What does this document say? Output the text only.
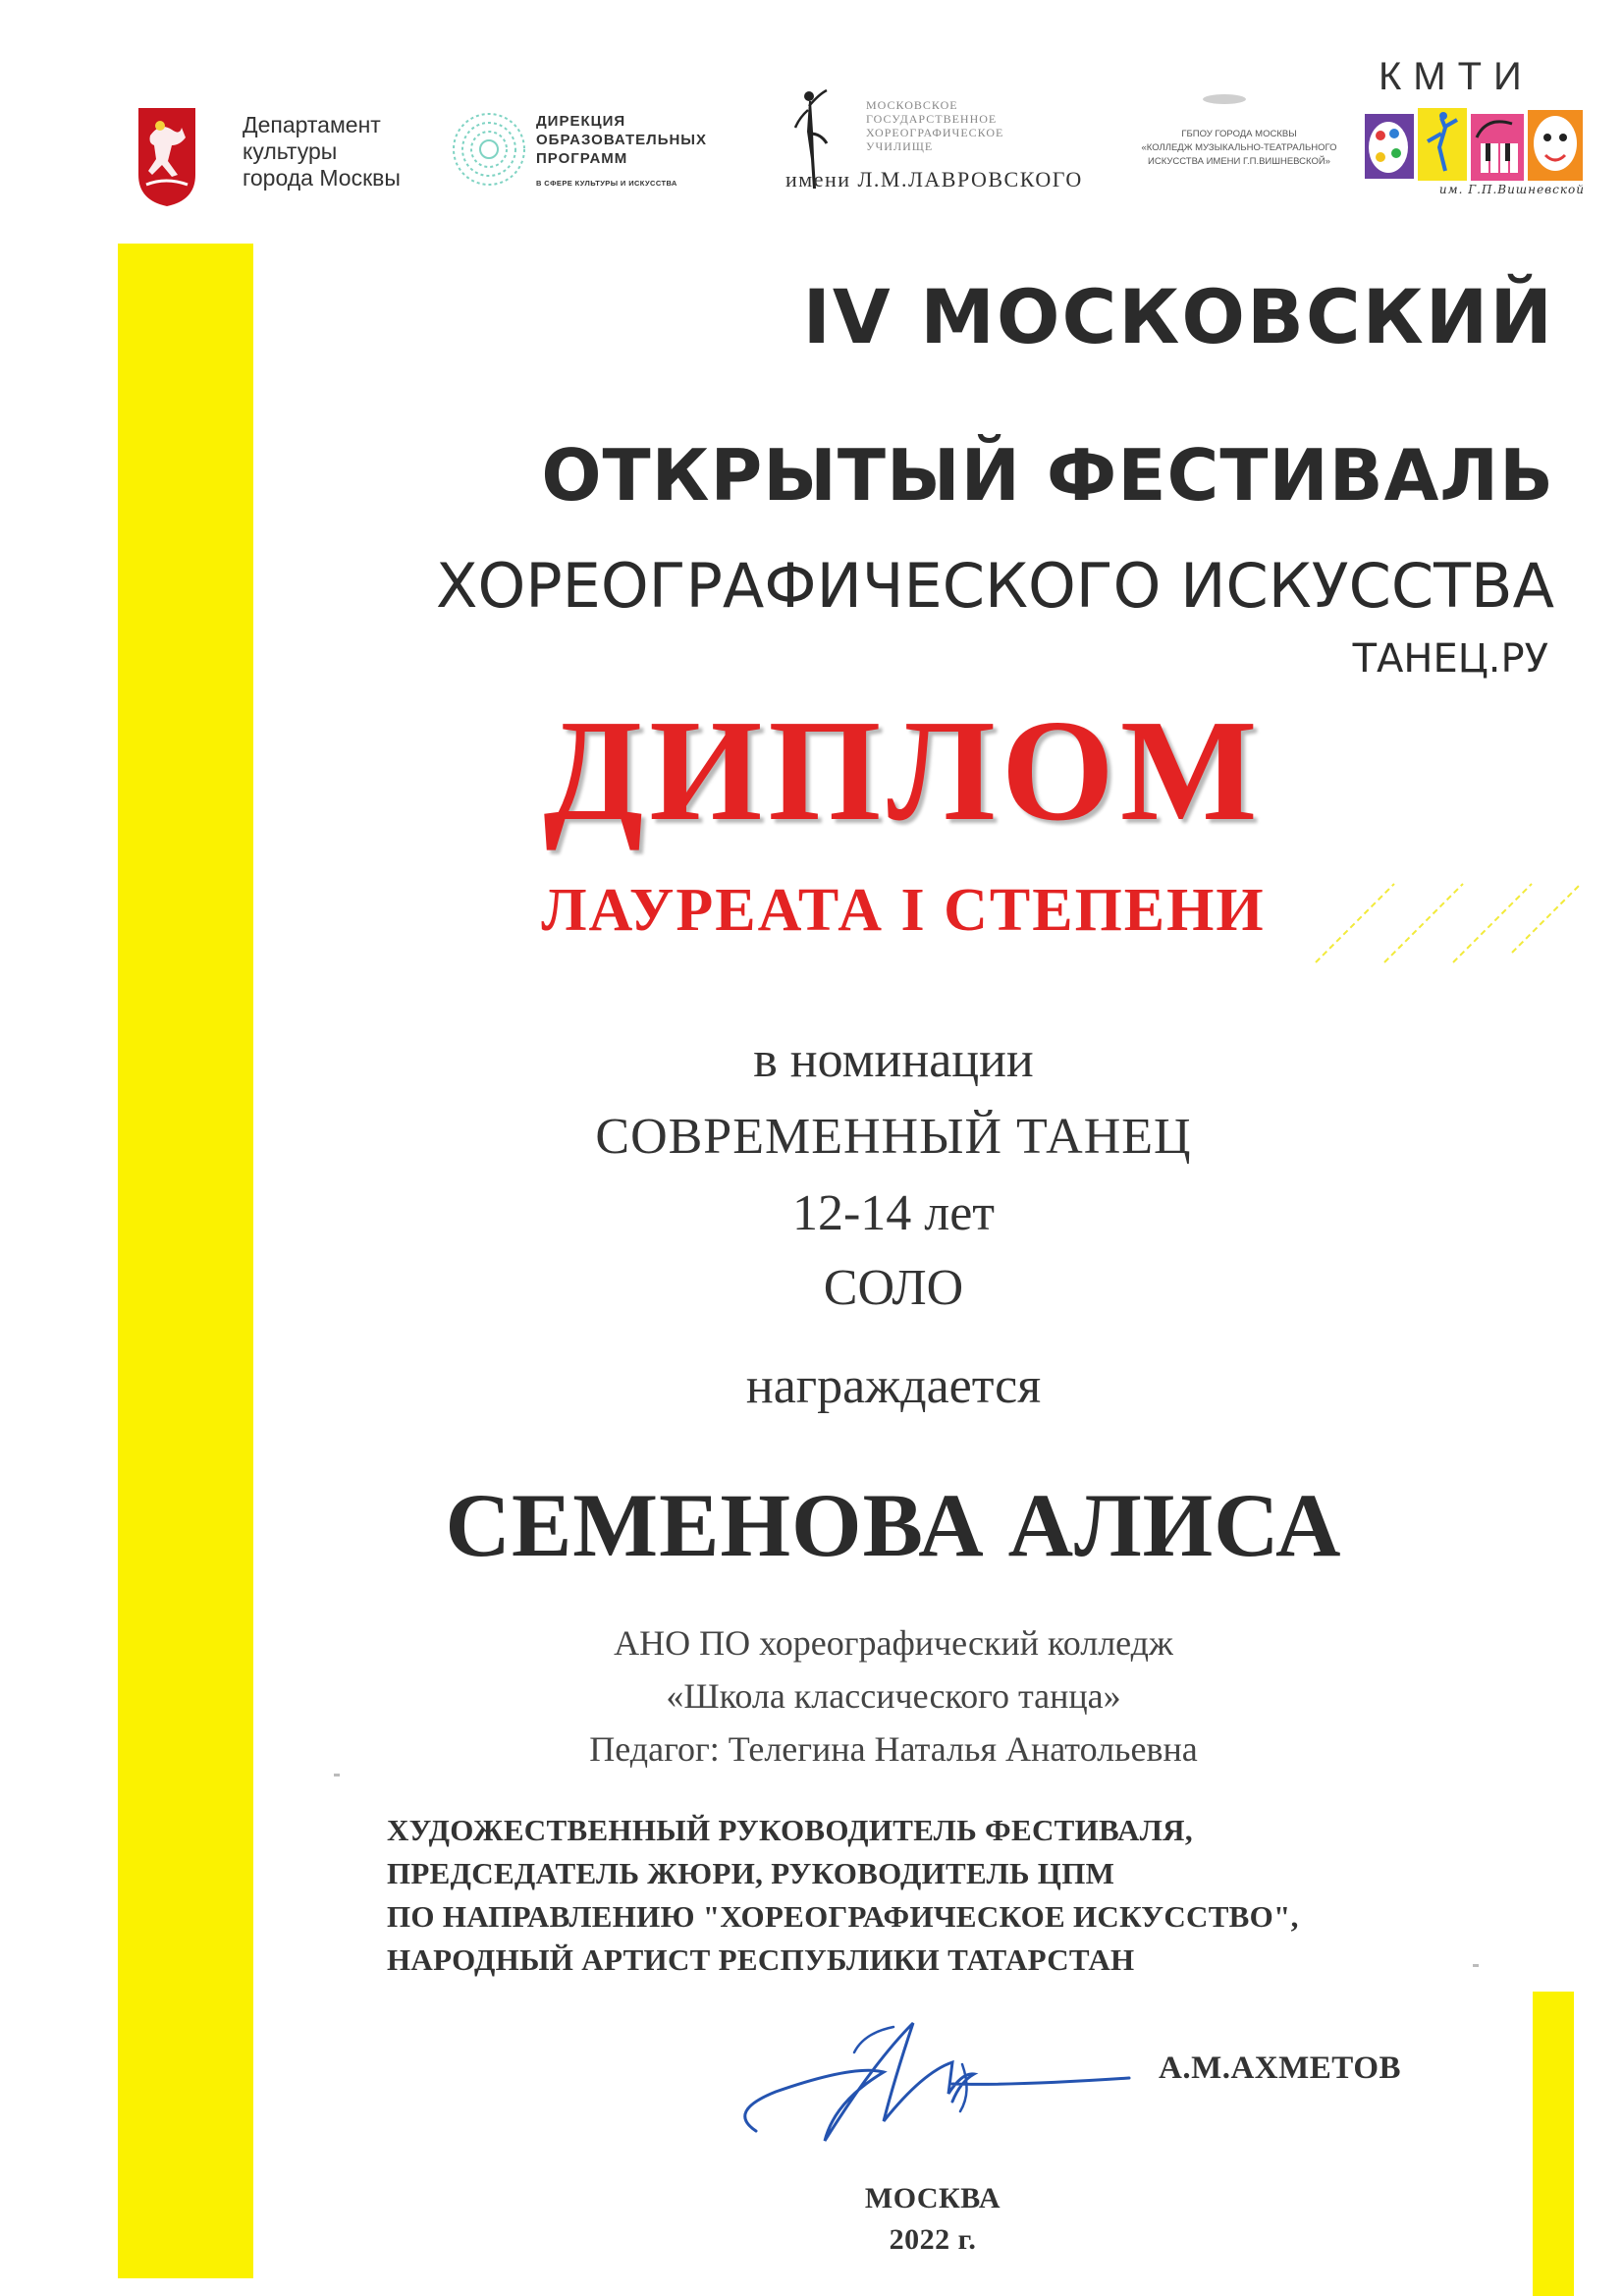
Департамент
культуры
города Москвы
ДИРЕКЦИЯ
ОБРАЗОВАТЕЛЬНЫХ
ПРОГРАММ
В СФЕРЕ КУЛЬТУРЫ И ИСКУССТВА
МОСКОВСКОЕ
ГОСУДАРСТВЕННОЕ
ХОРЕОГРАФИЧЕСКОЕ
УЧИЛИЩЕ
имени Л.М.ЛАВРОВСКОГО
ГБПОУ ГОРОДА МОСКВЫ
«КОЛЛЕДЖ МУЗЫКАЛЬНО-ТЕАТРАЛЬНОГО
ИСКУССТВА ИМЕНИ Г.П.ВИШНЕВСКОЙ»
КМТИ
им. Г.П.Вишневской
IV МОСКОВСКИЙ
ОТКРЫТЫЙ ФЕСТИВАЛЬ
ХОРЕОГРАФИЧЕСКОГО ИСКУССТВА
ТАНЕЦ.РУ
ДИПЛОМ
ЛАУРЕАТА I СТЕПЕНИ
в номинации
СОВРЕМЕННЫЙ ТАНЕЦ
12-14 лет
СОЛО
награждается
СЕМЕНОВА АЛИСА
АНО ПО хореографический колледж
«Школа классического танца»
Педагог: Телегина Наталья Анатольевна
ХУДОЖЕСТВЕННЫЙ РУКОВОДИТЕЛЬ ФЕСТИВАЛЯ,
ПРЕДСЕДАТЕЛЬ ЖЮРИ, РУКОВОДИТЕЛЬ ЦПМ
ПО НАПРАВЛЕНИЮ "ХОРЕОГРАФИЧЕСКОЕ ИСКУССТВО",
НАРОДНЫЙ АРТИСТ РЕСПУБЛИКИ ТАТАРСТАН
А.М.АХМЕТОВ
МОСКВА
2022 г.
